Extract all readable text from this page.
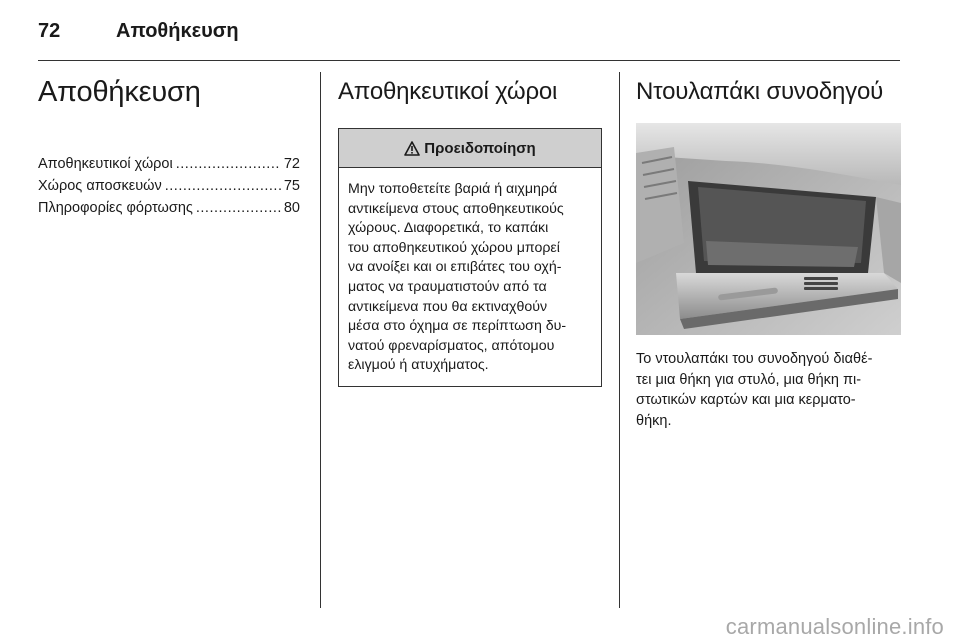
72	Αποθήκευση
Αποθήκευση
Αποθηκευτικοί χώροι .....	72
Χώρος αποσκευών .....	75
Πληροφορίες φόρτωσης .....	80
Αποθηκευτικοί χώροι
Προειδοποίηση
Μην τοποθετείτε βαριά ή αιχμηρά
αντικείμενα στους αποθηκευτικούς
χώρους. Διαφορετικά, το καπάκι
του αποθηκευτικού χώρου μπορεί
να ανοίξει και οι επιβάτες του οχή-
ματος να τραυματιστούν από τα
αντικείμενα που θα εκτιναχθούν
μέσα στο όχημα σε περίπτωση δυ-
νατού φρεναρίσματος, απότομου
ελιγμού ή ατυχήματος.
Ντουλαπάκι συνοδηγού
Το ντουλαπάκι του συνοδηγού διαθέ-
τει μια θήκη για στυλό, μια θήκη πι-
στωτικών καρτών και μια κερματο-
θήκη.
carmanualsonline.info
